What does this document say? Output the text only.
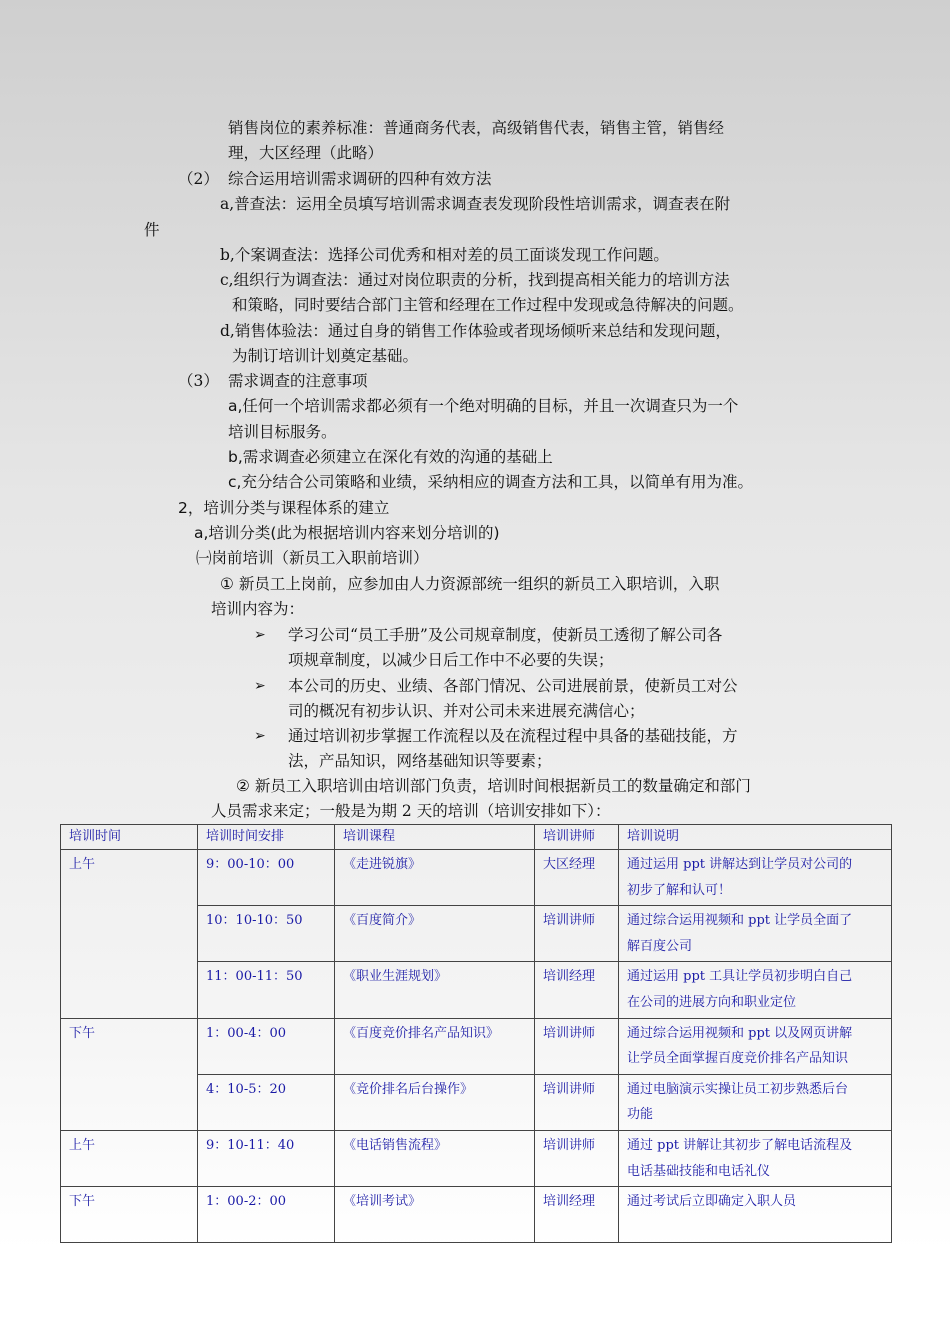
销售岗位的素养标准：普通商务代表，高级销售代表，销售主管，销售经
理，大区经理（此略）
（2） 综合运用培训需求调研的四种有效方法
a,普查法：运用全员填写培训需求调查表发现阶段性培训需求，调查表在附
件
b,个案调查法：选择公司优秀和相对差的员工面谈发现工作问题。
c,组织行为调查法：通过对岗位职责的分析，找到提高相关能力的培训方法
和策略，同时要结合部门主管和经理在工作过程中发现或急待解决的问题。
d,销售体验法：通过自身的销售工作体验或者现场倾听来总结和发现问题，
为制订培训计划奠定基础。
（3） 需求调查的注意事项
a,任何一个培训需求都必须有一个绝对明确的目标，并且一次调查只为一个
培训目标服务。
b,需求调查必须建立在深化有效的沟通的基础上
c,充分结合公司策略和业绩，采纳相应的调查方法和工具，以简单有用为准。
2，培训分类与课程体系的建立
a,培训分类(此为根据培训内容来划分培训的)
㈠岗前培训（新员工入职前培训）
① 新员工上岗前，应参加由人力资源部统一组织的新员工入职培训，入职
培训内容为：
➢ 学习公司“员工手册”及公司规章制度，使新员工透彻了解公司各
项规章制度，以减少日后工作中不必要的失误；
➢ 本公司的历史、业绩、各部门情况、公司进展前景，使新员工对公
司的概况有初步认识、并对公司未来进展充满信心；
➢ 通过培训初步掌握工作流程以及在流程过程中具备的基础技能，方
法，产品知识，网络基础知识等要素；
② 新员工入职培训由培训部门负责，培训时间根据新员工的数量确定和部门
人员需求来定；一般是为期 2 天的培训（培训安排如下）：
培训时间	培训时间安排	培训课程	培训讲师	培训说明
上午	9：00-10：00	《走进锐旗》	大区经理	通过运用 ppt 讲解达到让学员对公司的
初步了解和认可！

	10：10-10：50	《百度简介》	培训讲师	通过综合运用视频和 ppt 让学员全面了
解百度公司

	11：00-11：50	《职业生涯规划》	培训经理	通过运用 ppt 工具让学员初步明白自己
在公司的进展方向和职业定位

下午	1：00-4：00	《百度竞价排名产品知识》	培训讲师	通过综合运用视频和 ppt 以及网页讲解
让学员全面掌握百度竞价排名产品知识

	4：10-5：20	《竞价排名后台操作》	培训讲师	通过电脑演示实操让员工初步熟悉后台
功能

上午	9：10-11：40	《电话销售流程》	培训讲师	通过 ppt 讲解让其初步了解电话流程及
电话基础技能和电话礼仪

下午	1：00-2：00	《培训考试》	培训经理	通过考试后立即确定入职人员
